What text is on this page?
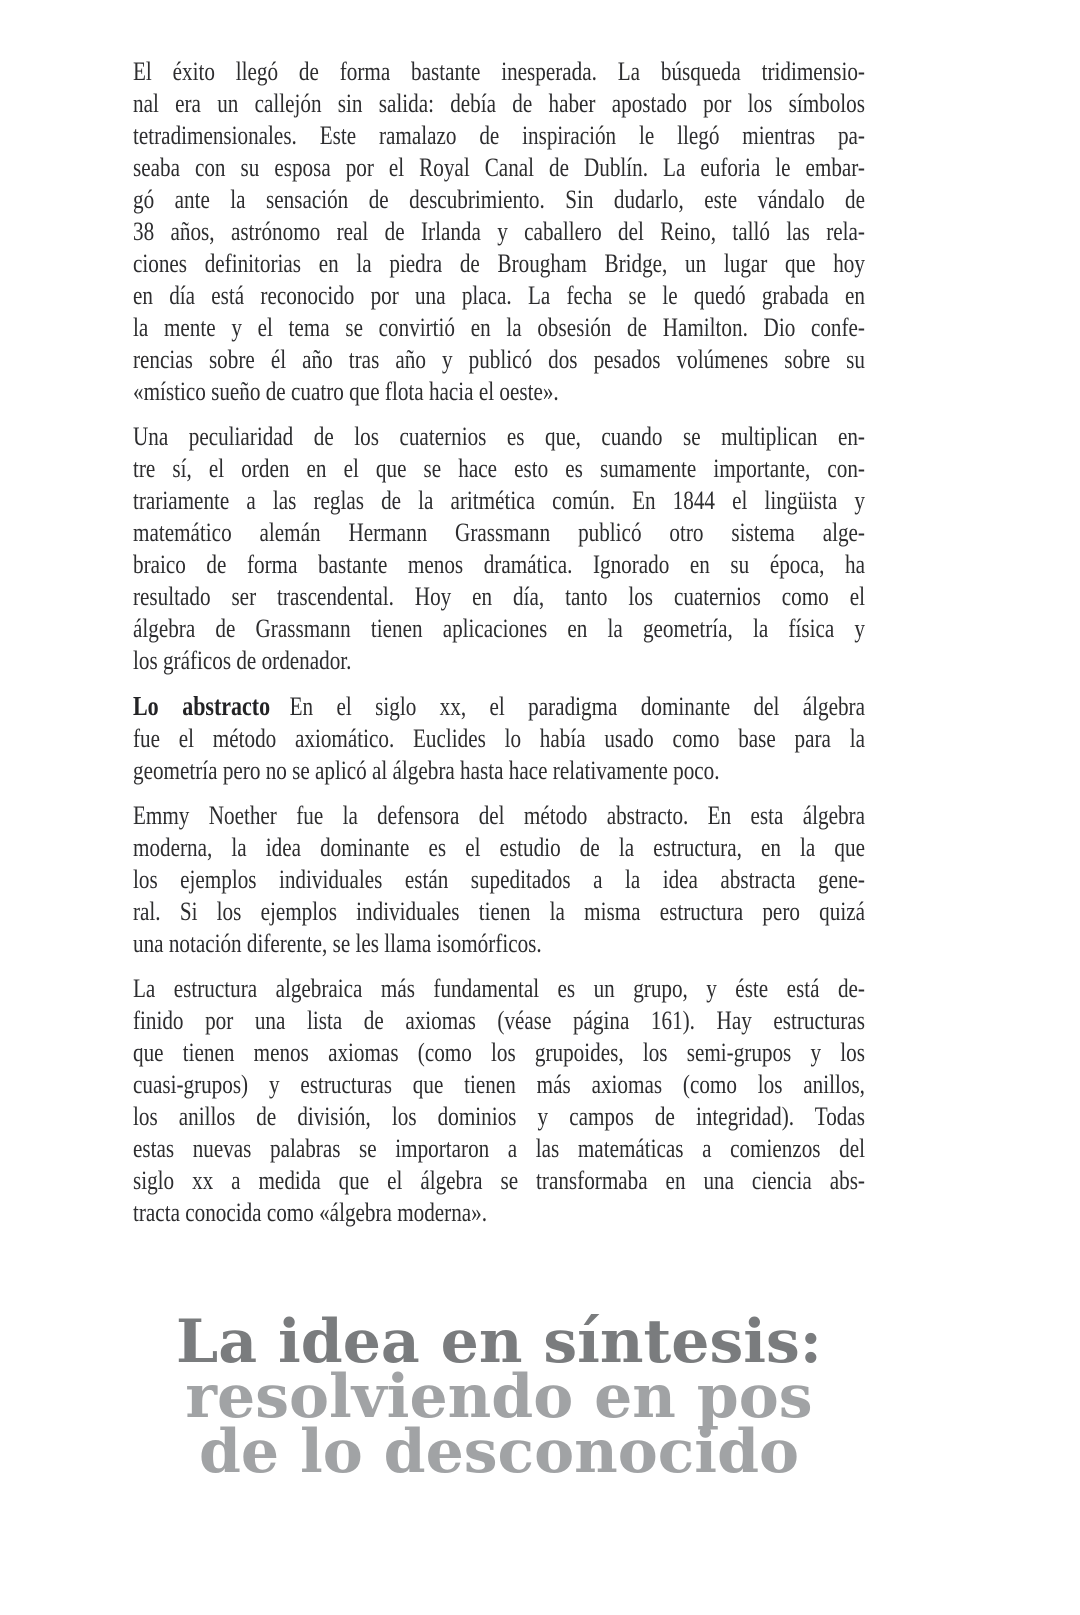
El éxito llegó de forma bastante inesperada. La búsqueda tridimensio-
nal era un callejón sin salida: debía de haber apostado por los símbolos
tetradimensionales. Este ramalazo de inspiración le llegó mientras pa-
seaba con su esposa por el Royal Canal de Dublín. La euforia le embar-
gó ante la sensación de descubrimiento. Sin dudarlo, este vándalo de
38 años, astrónomo real de Irlanda y caballero del Reino, talló las rela-
ciones definitorias en la piedra de Brougham Bridge, un lugar que hoy
en día está reconocido por una placa. La fecha se le quedó grabada en
la mente y el tema se convirtió en la obsesión de Hamilton. Dio confe-
rencias sobre él año tras año y publicó dos pesados volúmenes sobre su
«místico sueño de cuatro que flota hacia el oeste».
Una peculiaridad de los cuaternios es que, cuando se multiplican en-
tre sí, el orden en el que se hace esto es sumamente importante, con-
trariamente a las reglas de la aritmética común. En 1844 el lingüista y
matemático alemán Hermann Grassmann publicó otro sistema alge-
braico de forma bastante menos dramática. Ignorado en su época, ha
resultado ser trascendental. Hoy en día, tanto los cuaternios como el
álgebra de Grassmann tienen aplicaciones en la geometría, la física y
los gráficos de ordenador.
Lo abstracto En el siglo xx, el paradigma dominante del álgebra
fue el método axiomático. Euclides lo había usado como base para la
geometría pero no se aplicó al álgebra hasta hace relativamente poco.
Emmy Noether fue la defensora del método abstracto. En esta álgebra
moderna, la idea dominante es el estudio de la estructura, en la que
los ejemplos individuales están supeditados a la idea abstracta gene-
ral. Si los ejemplos individuales tienen la misma estructura pero quizá
una notación diferente, se les llama isomórficos.
La estructura algebraica más fundamental es un grupo, y éste está de-
finido por una lista de axiomas (véase página 161). Hay estructuras
que tienen menos axiomas (como los grupoides, los semi-grupos y los
cuasi-grupos) y estructuras que tienen más axiomas (como los anillos,
los anillos de división, los dominios y campos de integridad). Todas
estas nuevas palabras se importaron a las matemáticas a comienzos del
siglo xx a medida que el álgebra se transformaba en una ciencia abs-
tracta conocida como «álgebra moderna».
La idea en síntesis:
resolviendo en pos
de lo desconocido
